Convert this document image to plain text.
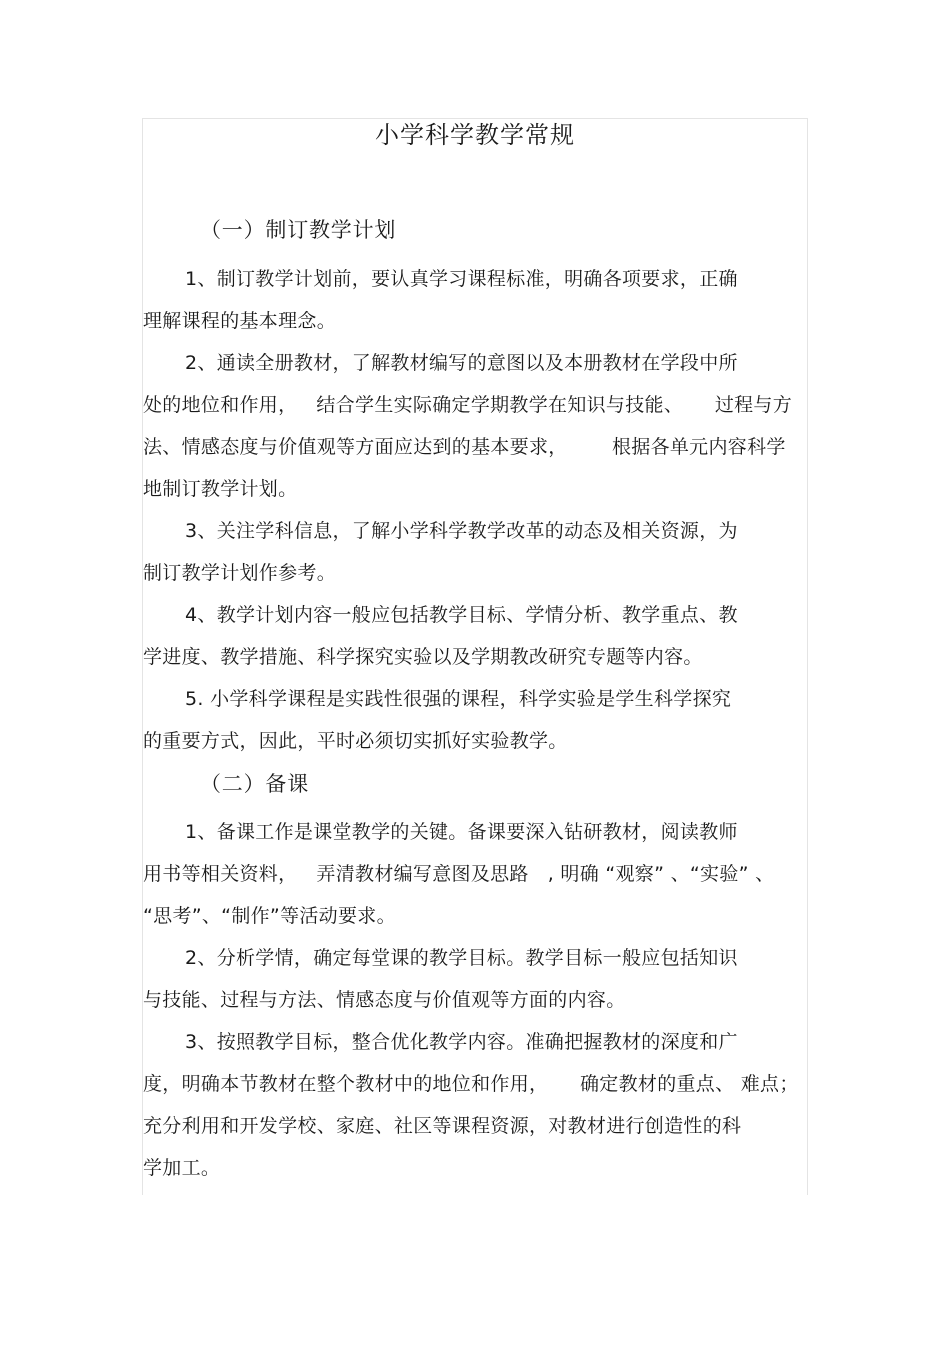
小学科学教学常规
（一）制订教学计划
1、制订教学计划前，要认真学习课程标准，明确各项要求，正确
理解课程的基本理念。
2、通读全册教材，了解教材编写的意图以及本册教材在学段中所
处的地位和作用，   结合学生实际确定学期教学在知识与技能、     过程与方
法、情感态度与价值观等方面应达到的基本要求，       根据各单元内容科学
地制订教学计划。
3、关注学科信息，了解小学科学教学改革的动态及相关资源，为
制订教学计划作参考。
4、教学计划内容一般应包括教学目标、学情分析、教学重点、教
学进度、教学措施、科学探究实验以及学期教改研究专题等内容。
5. 小学科学课程是实践性很强的课程，科学实验是学生科学探究
的重要方式，因此，平时必须切实抓好实验教学。
（二）备课
1、备课工作是课堂教学的关键。备课要深入钻研教材，阅读教师
用书等相关资料，   弄清教材编写意图及思路   , 明确 “观察” 、“实验” 、
“思考”、“制作”等活动要求。
2、分析学情，确定每堂课的教学目标。教学目标一般应包括知识
与技能、过程与方法、情感态度与价值观等方面的内容。
3、按照教学目标，整合优化教学内容。准确把握教材的深度和广
度，明确本节教材在整个教材中的地位和作用，     确定教材的重点、 难点；
充分利用和开发学校、家庭、社区等课程资源，对教材进行创造性的科
学加工。
